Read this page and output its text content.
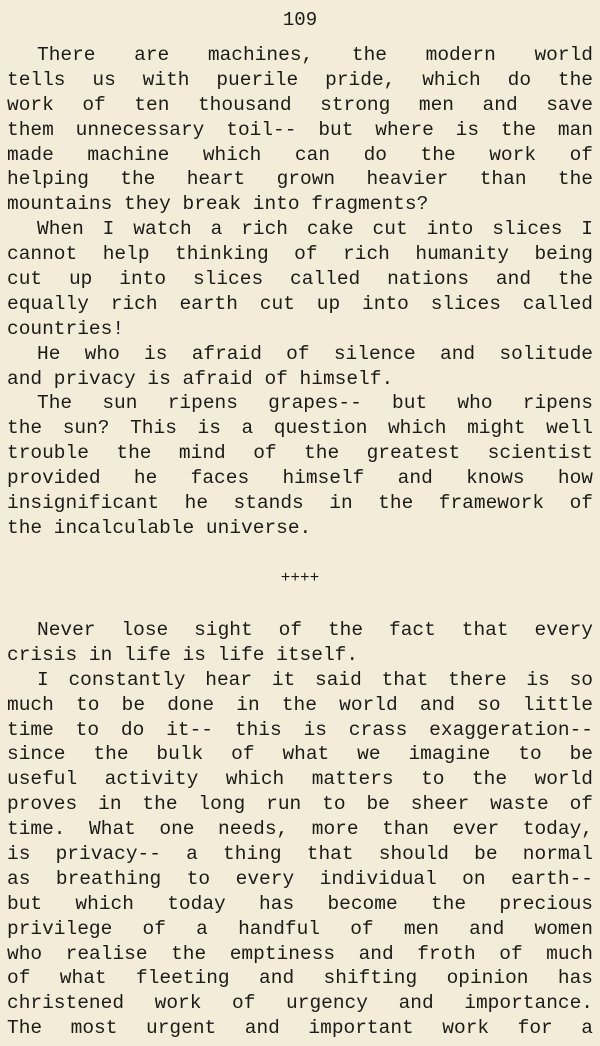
109
There are machines, the modern world
tells us with puerile pride, which do the
work of ten thousand strong men and save
them unnecessary toil-- but where is the man
made machine which can do the work of
helping the heart grown heavier than the
mountains they break into fragments?
When I watch a rich cake cut into slices I
cannot help thinking of rich humanity being
cut up into slices called nations and the
equally rich earth cut up into slices called
countries!
He who is afraid of silence and solitude
and privacy is afraid of himself.
The sun ripens grapes-- but who ripens
the sun? This is a question which might well
trouble the mind of the greatest scientist
provided he faces himself and knows how
insignificant he stands in the framework of
the incalculable universe.
++++
Never lose sight of the fact that every
crisis in life is life itself.
I constantly hear it said that there is so
much to be done in the world and so little
time to do it-- this is crass exaggeration--
since the bulk of what we imagine to be
useful activity which matters to the world
proves in the long run to be sheer waste of
time. What one needs, more than ever today,
is privacy-- a thing that should be normal
as breathing to every individual on earth--
but which today has become the precious
privilege of a handful of men and women
who realise the emptiness and froth of much
of what fleeting and shifting opinion has
christened work of urgency and importance.
The most urgent and important work for a
